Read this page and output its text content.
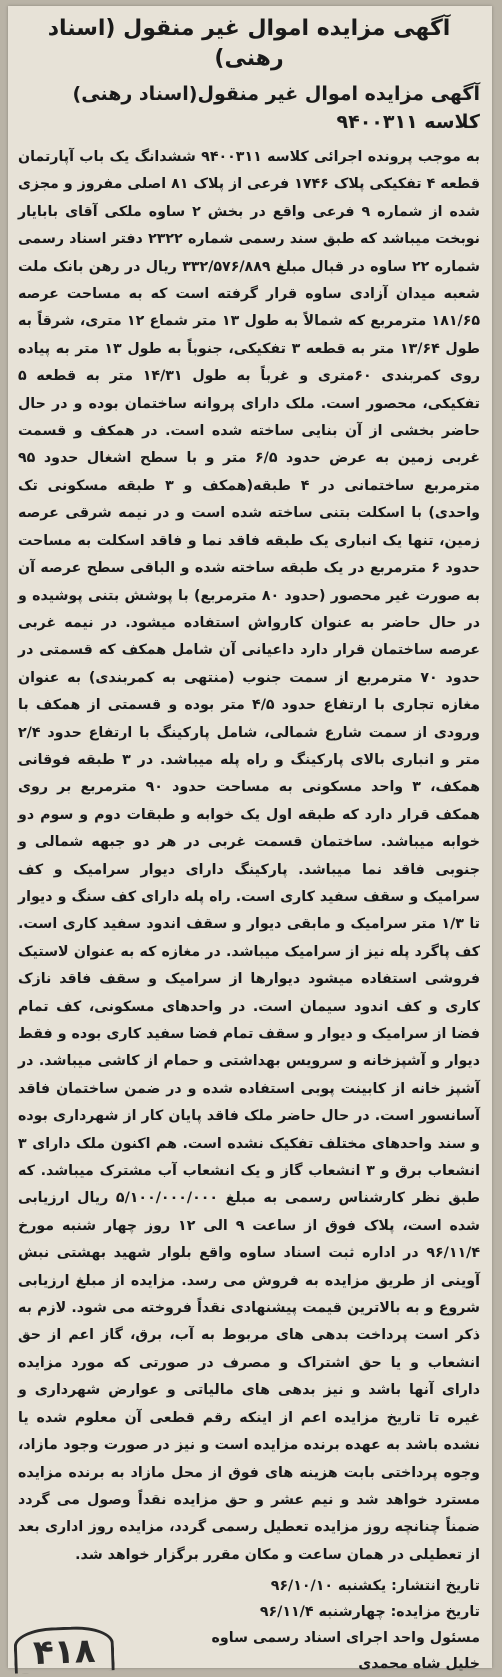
آگهی مزایده اموال غیر منقول (اسناد رهنی)
آگهی مزایده اموال غیر منقول(اسناد رهنی) کلاسه ۹۴۰۰۳۱۱
به موجب پرونده اجرائی کلاسه ۹۴۰۰۳۱۱ ششدانگ یک باب آپارتمان قطعه ۴ تفکیکی پلاک ۱۷۴۶ فرعی از پلاک ۸۱ اصلی مفروز و مجزی شده از شماره ۹ فرعی واقع در بخش ۲ ساوه ملکی آقای بابایار نوبخت میباشد که طبق سند رسمی شماره ۲۳۲۲ دفتر اسناد رسمی شماره ۲۲ ساوه در قبال مبلغ ۳۳۲/۵۷۶/۸۸۹ ریال در رهن بانک ملت شعبه میدان آزادی ساوه قرار گرفته است که به مساحت عرصه ۱۸۱/۶۵ مترمربع که شمالاً به طول ۱۳ متر شماع ۱۲ متری، شرقاً به طول ۱۳/۶۴ متر به قطعه ۳ تفکیکی، جنوباً به طول ۱۳ متر به پیاده روی کمربندی ۶۰متری و غرباً به طول ۱۴/۳۱ متر به قطعه ۵ تفکیکی، محصور است. ملک دارای پروانه ساختمان بوده و در حال حاضر بخشی از آن بنایی ساخته شده است. در همکف و قسمت غربی زمین به عرض حدود ۶/۵ متر و با سطح اشغال حدود ۹۵ مترمربع ساختمانی در ۴ طبقه(همکف و ۳ طبقه مسکونی تک واحدی) با اسکلت بتنی ساخته شده است و در نیمه شرقی عرصه زمین، تنها یک انباری یک طبقه فاقد نما و فاقد اسکلت به مساحت حدود ۶ مترمربع در یک طبقه ساخته شده و الباقی سطح عرصه آن به صورت غیر محصور (حدود ۸۰ مترمربع) با پوشش بتنی پوشیده و در حال حاضر به عنوان کارواش استفاده میشود. در نیمه غربی عرصه ساختمان قرار دارد داعیانی آن شامل همکف که قسمتی در حدود ۷۰ مترمربع از سمت جنوب (منتهی به کمربندی) به عنوان مغازه تجاری با ارتفاع حدود ۴/۵ متر بوده و قسمتی از همکف با ورودی از سمت شارع شمالی، شامل پارکینگ با ارتفاع حدود ۲/۴ متر و انباری بالای پارکینگ و راه پله میباشد. در ۳ طبقه فوقانی همکف، ۳ واحد مسکونی به مساحت حدود ۹۰ مترمربع بر روی همکف قرار دارد که طبقه اول یک خوابه و طبقات دوم و سوم دو خوابه میباشد. ساختمان قسمت غربی در هر دو جبهه شمالی و جنوبی فاقد نما میباشد. پارکینگ دارای دیوار سرامیک و کف سرامیک و سقف سفید کاری است. راه پله دارای کف سنگ و دیوار تا ۱/۳ متر سرامیک و مابقی دیوار و سقف اندود سفید کاری است. کف پاگرد پله نیز از سرامیک میباشد. در مغازه که به عنوان لاستیک فروشی استفاده میشود دیوارها از سرامیک و سقف فاقد نازک کاری و کف اندود سیمان است. در واحدهای مسکونی، کف تمام فضا از سرامیک و دیوار و سقف تمام فضا سفید کاری بوده و فقط دیوار و آشپزخانه و سرویس بهداشتی و حمام از کاشی میباشد. در آشپز خانه از کابینت پوبی استفاده شده و در ضمن ساختمان فاقد آسانسور است. در حال حاضر ملک فاقد پایان کار از شهرداری بوده و سند واحدهای مختلف تفکیک نشده است. هم اکنون ملک دارای ۳ انشعاب برق و ۳ انشعاب گاز و یک انشعاب آب مشترک میباشد. که طبق نظر کارشناس رسمی به مبلغ ۵/۱۰۰/۰۰۰/۰۰۰ ریال ارزیابی شده است، پلاک فوق از ساعت ۹ الی ۱۲ روز چهار شنبه مورخ ۹۶/۱۱/۴ در اداره ثبت اسناد ساوه واقع بلوار شهید بهشتی نبش آوینی از طریق مزایده به فروش می رسد. مزایده از مبلغ ارزیابی شروع و به بالاترین قیمت پیشنهادی نقداً فروخته می شود. لازم به ذکر است پرداخت بدهی های مربوط به آب، برق، گاز اعم از حق انشعاب و یا حق اشتراک و مصرف در صورتی که مورد مزایده دارای آنها باشد و نیز بدهی های مالیاتی و عوارض شهرداری و غیره تا تاریخ مزایده اعم از اینکه رقم قطعی آن معلوم شده یا نشده باشد به عهده برنده مزایده است و نیز در صورت وجود مازاد، وجوه پرداختی بابت هزینه های فوق از محل مازاد به برنده مزایده مسترد خواهد شد و نیم عشر و حق مزایده نقداً وصول می گردد ضمناً چنانچه روز مزایده تعطیل رسمی گردد، مزایده روز اداری بعد از تعطیلی در همان ساعت و مکان مقرر برگزار خواهد شد.
تاریخ انتشار: یکشنبه ۹۶/۱۰/۱۰
تاریخ مزایده: چهارشنبه ۹۶/۱۱/۴
مسئول واحد اجرای اسناد رسمی ساوه
خلیل شاه محمدی
۴۱۸
